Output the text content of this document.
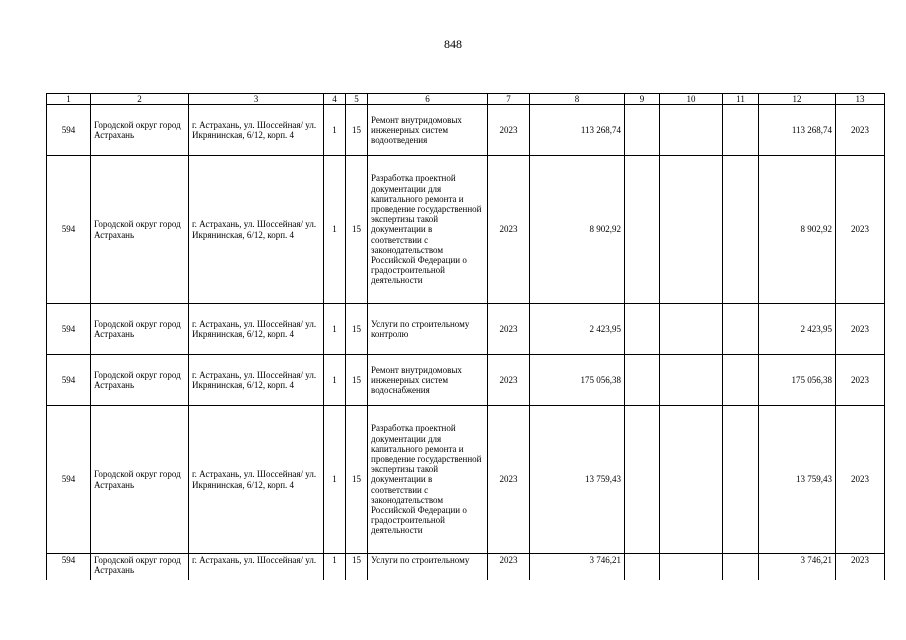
848
1	2	3	4	5	6	7	8	9	10	11	12	13
594	Городской округ город Астрахань	г. Астрахань, ул. Шоссейная/ ул. Икрянинская, 6/12, корп. 4	1	15	Ремонт внутридомовых инженерных систем водоотведения	2023	113 268,74				113 268,74	2023
594	Городской округ город Астрахань	г. Астрахань, ул. Шоссейная/ ул. Икрянинская, 6/12, корп. 4	1	15	Разработка проектной документации для капитального ремонта и проведение государственной экспертизы такой документации в соответствии с законодательством Российской Федерации о градостроительной деятельности	2023	8 902,92				8 902,92	2023
594	Городской округ город Астрахань	г. Астрахань, ул. Шоссейная/ ул. Икрянинская, 6/12, корп. 4	1	15	Услуги по строительному контролю	2023	2 423,95				2 423,95	2023
594	Городской округ город Астрахань	г. Астрахань, ул. Шоссейная/ ул. Икрянинская, 6/12, корп. 4	1	15	Ремонт внутридомовых инженерных систем водоснабжения	2023	175 056,38				175 056,38	2023
594	Городской округ город Астрахань	г. Астрахань, ул. Шоссейная/ ул. Икрянинская, 6/12, корп. 4	1	15	Разработка проектной документации для капитального ремонта и проведение государственной экспертизы такой документации в соответствии с законодательством Российской Федерации о градостроительной деятельности	2023	13 759,43				13 759,43	2023
594	Городской округ город Астрахань	г. Астрахань, ул. Шоссейная/ ул.	1	15	Услуги по строительному	2023	3 746,21				3 746,21	2023
